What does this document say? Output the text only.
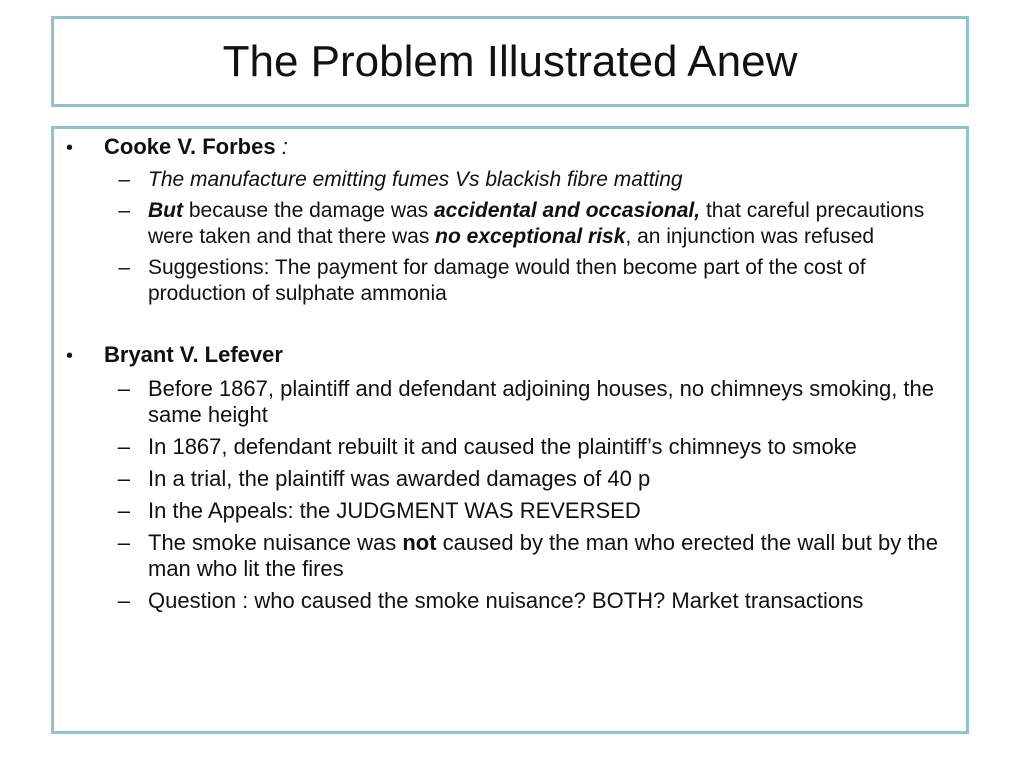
The Problem Illustrated Anew
•	Cooke V. Forbes :
– The manufacture emitting fumes Vs blackish fibre matting
– But because the damage was accidental and occasional, that careful precautions were taken and that there was no exceptional risk, an injunction was refused
– Suggestions: The payment for damage would then become part of the cost of production of sulphate ammonia
•	Bryant V. Lefever
– Before 1867, plaintiff and defendant adjoining houses, no chimneys smoking, the same height
– In 1867, defendant rebuilt it and caused the plaintiff’s chimneys to smoke
– In a trial, the plaintiff was awarded damages of 40 p
– In the Appeals: the JUDGMENT WAS REVERSED
– The smoke nuisance was not caused by the man who erected the wall but by the man who lit the fires
– Question : who caused the smoke nuisance? BOTH? Market transactions
